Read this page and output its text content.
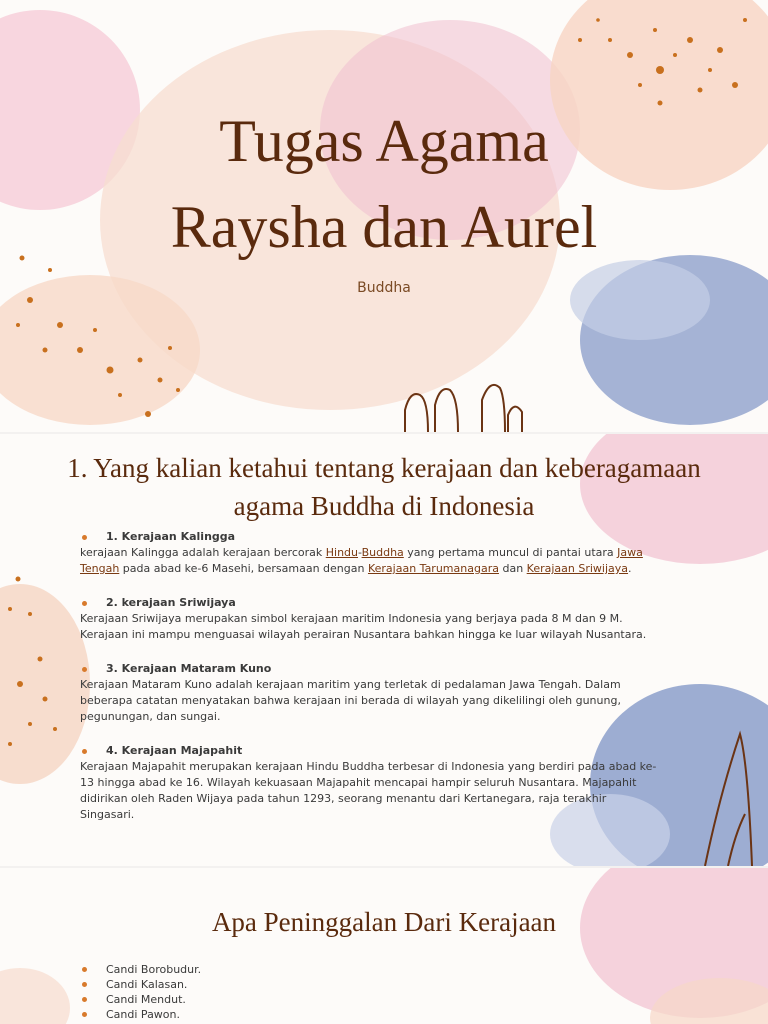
Tugas Agama
Raysha dan Aurel
Buddha
1. Yang kalian ketahui tentang kerajaan dan keberagamaan
agama Buddha di Indonesia
1. Kerajaan Kalingga
kerajaan Kalingga adalah kerajaan bercorak Hindu-Buddha yang pertama muncul di pantai utara Jawa
Tengah pada abad ke-6 Masehi, bersamaan dengan Kerajaan Tarumanagara dan Kerajaan Sriwijaya.
2. kerajaan Sriwijaya
Kerajaan Sriwijaya merupakan simbol kerajaan maritim Indonesia yang berjaya pada 8 M dan 9 M.
Kerajaan ini mampu menguasai wilayah perairan Nusantara bahkan hingga ke luar wilayah Nusantara.
3. Kerajaan Mataram Kuno
Kerajaan Mataram Kuno adalah kerajaan maritim yang terletak di pedalaman Jawa Tengah. Dalam
beberapa catatan menyatakan bahwa kerajaan ini berada di wilayah yang dikelilingi oleh gunung,
pegunungan, dan sungai.
4. Kerajaan Majapahit
Kerajaan Majapahit merupakan kerajaan Hindu Buddha terbesar di Indonesia yang berdiri pada abad ke-
13 hingga abad ke 16. Wilayah kekuasaan Majapahit mencapai hampir seluruh Nusantara. Majapahit
didirikan oleh Raden Wijaya pada tahun 1293, seorang menantu dari Kertanegara, raja terakhir
Singasari.
Apa Peninggalan Dari Kerajaan
Candi Borobudur.
Candi Kalasan.
Candi Mendut.
Candi Pawon.
